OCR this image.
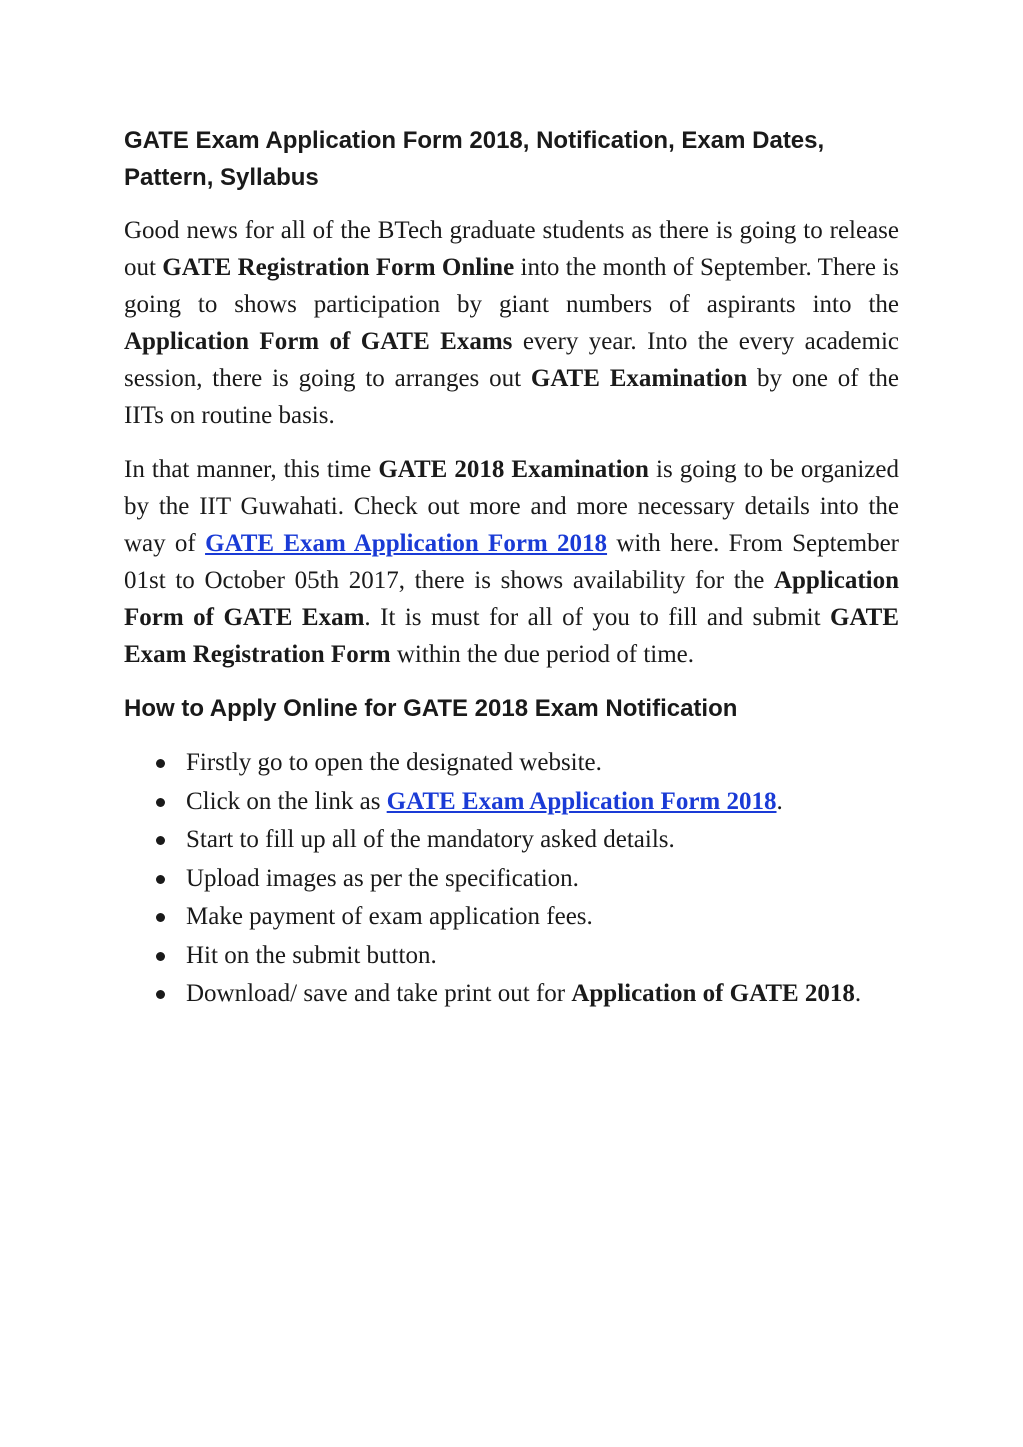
GATE Exam Application Form 2018, Notification, Exam Dates, Pattern, Syllabus

Good news for all of the BTech graduate students as there is going to release out GATE Registration Form Online into the month of September. There is going to shows participation by giant numbers of aspirants into the Application Form of GATE Exams every year. Into the every academic session, there is going to arranges out GATE Examination by one of the IITs on routine basis.

In that manner, this time GATE 2018 Examination is going to be organized by the IIT Guwahati. Check out more and more necessary details into the way of GATE Exam Application Form 2018 with here. From September 01st to October 05th 2017, there is shows availability for the Application Form of GATE Exam. It is must for all of you to fill and submit GATE Exam Registration Form within the due period of time.

How to Apply Online for GATE 2018 Exam Notification
Firstly go to open the designated website.
Click on the link as GATE Exam Application Form 2018.
Start to fill up all of the mandatory asked details.
Upload images as per the specification.
Make payment of exam application fees.
Hit on the submit button.
Download/ save and take print out for Application of GATE 2018.
